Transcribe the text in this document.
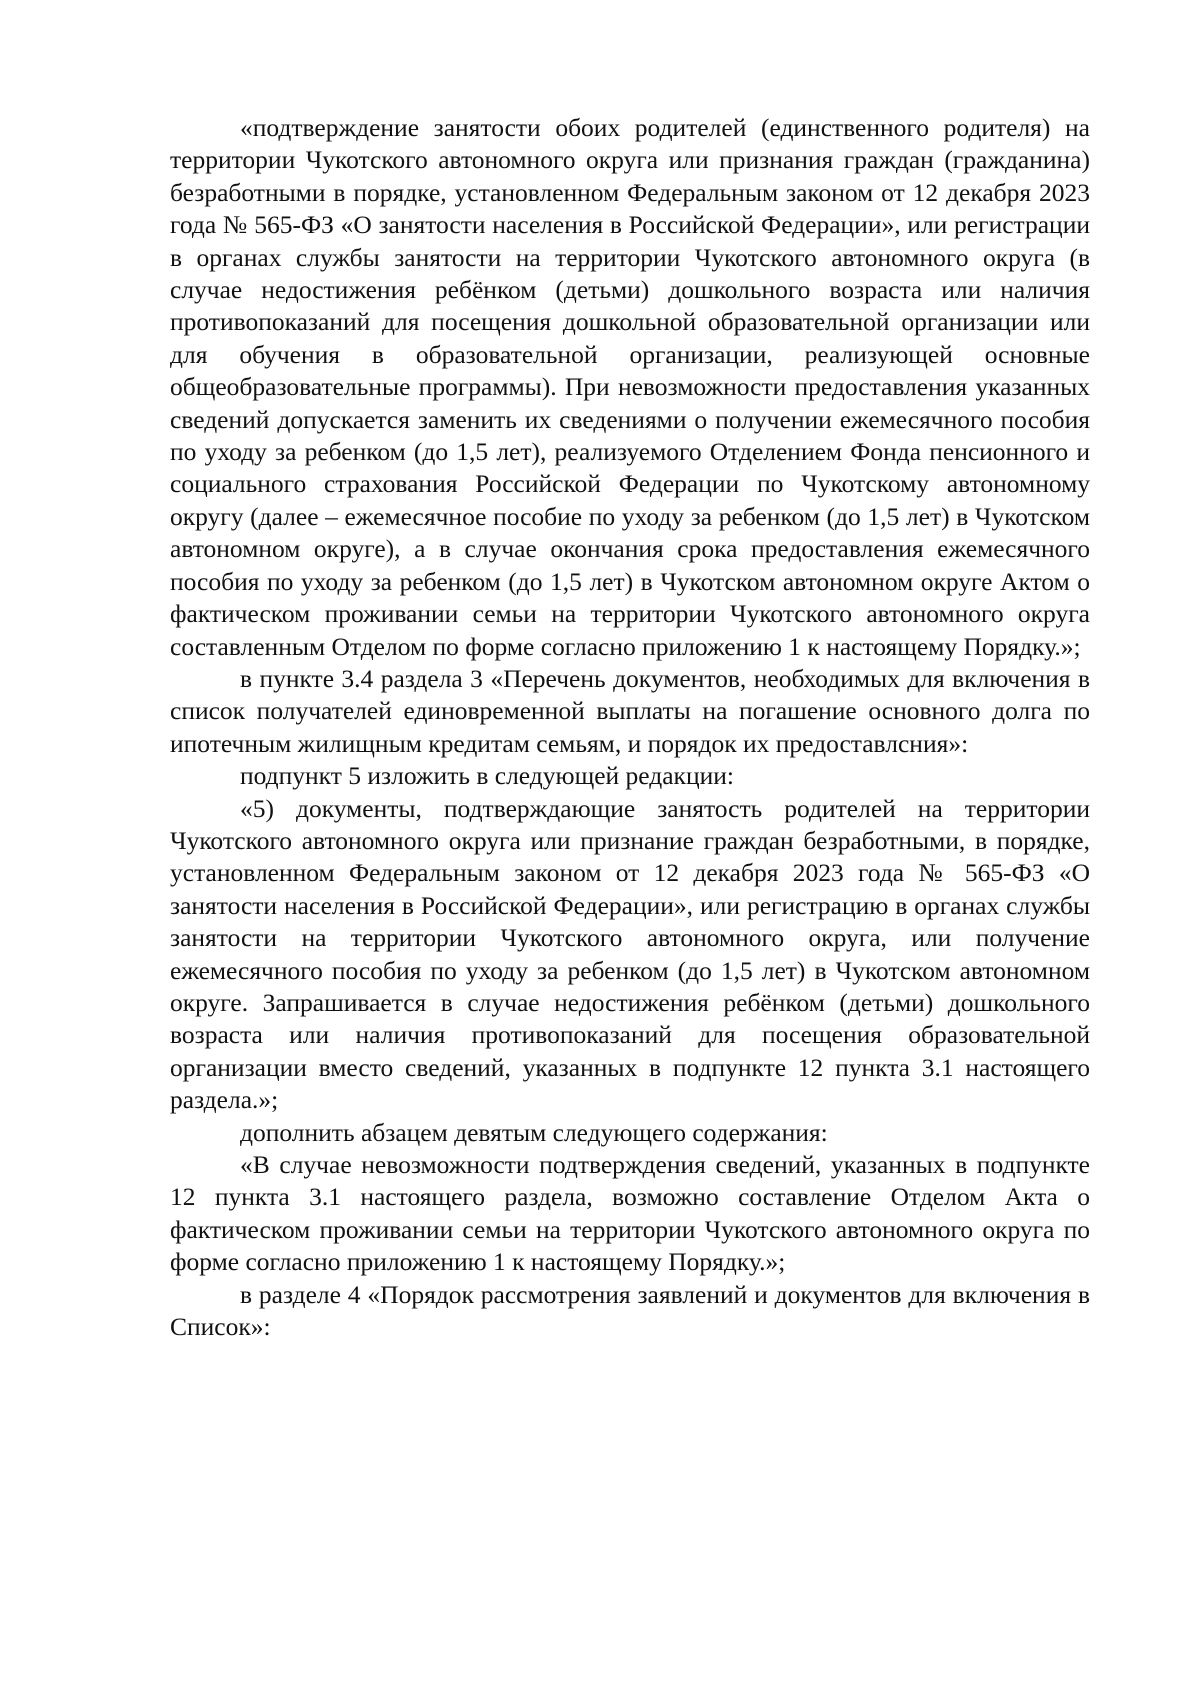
«подтверждение занятости обоих родителей (единственного родителя) на территории Чукотского автономного округа или признания граждан (гражданина) безработными в порядке, установленном Федеральным законом от 12 декабря 2023 года № 565-ФЗ «О занятости населения в Российской Федерации», или регистрации в органах службы занятости на территории Чукотского автономного округа (в случае недостижения ребёнком (детьми) дошкольного возраста или наличия противопоказаний для посещения дошкольной образовательной организации или для обучения в образовательной организации, реализующей основные общеобразовательные программы). При невозможности предоставления указанных сведений допускается заменить их сведениями о получении ежемесячного пособия по уходу за ребенком (до 1,5 лет), реализуемого Отделением Фонда пенсионного и социального страхования Российской Федерации по Чукотскому автономному округу (далее – ежемесячное пособие по уходу за ребенком (до 1,5 лет) в Чукотском автономном округе), а в случае окончания срока предоставления ежемесячного пособия по уходу за ребенком (до 1,5 лет) в Чукотском автономном округе Актом о фактическом проживании семьи на территории Чукотского автономного округа составленным Отделом по форме согласно приложению 1 к настоящему Порядку.»;

в пункте 3.4 раздела 3 «Перечень документов, необходимых для включения в список получателей единовременной выплаты на погашение основного долга по ипотечным жилищным кредитам семьям, и порядок их предоставлсния»:

подпункт 5 изложить в следующей редакции:

«5) документы, подтверждающие занятость родителей на территории Чукотского автономного округа или признание граждан безработными, в порядке, установленном Федеральным законом от 12 декабря 2023 года № 565-ФЗ «О занятости населения в Российской Федерации», или регистрацию в органах службы занятости на территории Чукотского автономного округа, или получение ежемесячного пособия по уходу за ребенком (до 1,5 лет) в Чукотском автономном округе. Запрашивается в случае недостижения ребёнком (детьми) дошкольного возраста или наличия противопоказаний для посещения образовательной организации вместо сведений, указанных в подпункте 12 пункта 3.1 настоящего раздела.»;

дополнить абзацем девятым следующего содержания:

«В случае невозможности подтверждения сведений, указанных в подпункте 12 пункта 3.1 настоящего раздела, возможно составление Отделом Акта о фактическом проживании семьи на территории Чукотского автономного округа по форме согласно приложению 1 к настоящему Порядку.»;

в разделе 4 «Порядок рассмотрения заявлений и документов для включения в Список»:
